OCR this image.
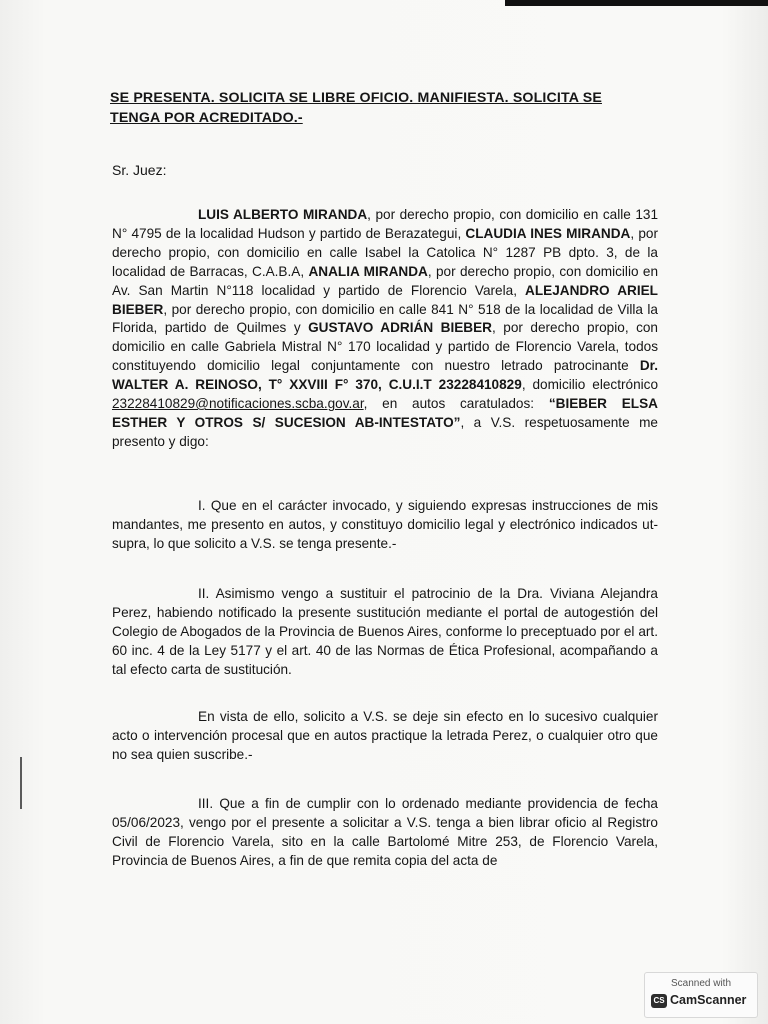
SE PRESENTA. SOLICITA SE LIBRE OFICIO. MANIFIESTA. SOLICITA SE
TENGA POR ACREDITADO.-
Sr. Juez:
LUIS ALBERTO MIRANDA, por derecho propio, con domicilio en calle 131 N° 4795 de la localidad Hudson y partido de Berazategui, CLAUDIA INES MIRANDA, por derecho propio, con domicilio en calle Isabel la Catolica N° 1287 PB dpto. 3, de la localidad de Barracas, C.A.B.A, ANALIA MIRANDA, por derecho propio, con domicilio en Av. San Martin N°118 localidad y partido de Florencio Varela, ALEJANDRO ARIEL BIEBER, por derecho propio, con domicilio en calle 841 N° 518 de la localidad de Villa la Florida, partido de Quilmes y GUSTAVO ADRIÁN BIEBER, por derecho propio, con domicilio en calle Gabriela Mistral N° 170 localidad y partido de Florencio Varela, todos constituyendo domicilio legal conjuntamente con nuestro letrado patrocinante Dr. WALTER A. REINOSO, T° XXVIII F° 370, C.U.I.T 23228410829, domicilio electrónico 23228410829@notificaciones.scba.gov.ar, en autos caratulados: “BIEBER ELSA ESTHER Y OTROS S/ SUCESION AB-INTESTATO”, a V.S. respetuosamente me presento y digo:
I. Que en el carácter invocado, y siguiendo expresas instrucciones de mis mandantes, me presento en autos, y constituyo domicilio legal y electrónico indicados ut-supra, lo que solicito a V.S. se tenga presente.-
II. Asimismo vengo a sustituir el patrocinio de la Dra. Viviana Alejandra Perez, habiendo notificado la presente sustitución mediante el portal de autogestión del Colegio de Abogados de la Provincia de Buenos Aires, conforme lo preceptuado por el art. 60 inc. 4 de la Ley 5177 y el art. 40 de las Normas de Ética Profesional, acompañando a tal efecto carta de sustitución.
En vista de ello, solicito a V.S. se deje sin efecto en lo sucesivo cualquier acto o intervención procesal que en autos practique la letrada Perez, o cualquier otro que no sea quien suscribe.-
III. Que a fin de cumplir con lo ordenado mediante providencia de fecha 05/06/2023, vengo por el presente a solicitar a V.S. tenga a bien librar oficio al Registro Civil de Florencio Varela, sito en la calle Bartolomé Mitre 253, de Florencio Varela, Provincia de Buenos Aires, a fin de que remita copia del acta de
Scanned with
CS CamScanner
